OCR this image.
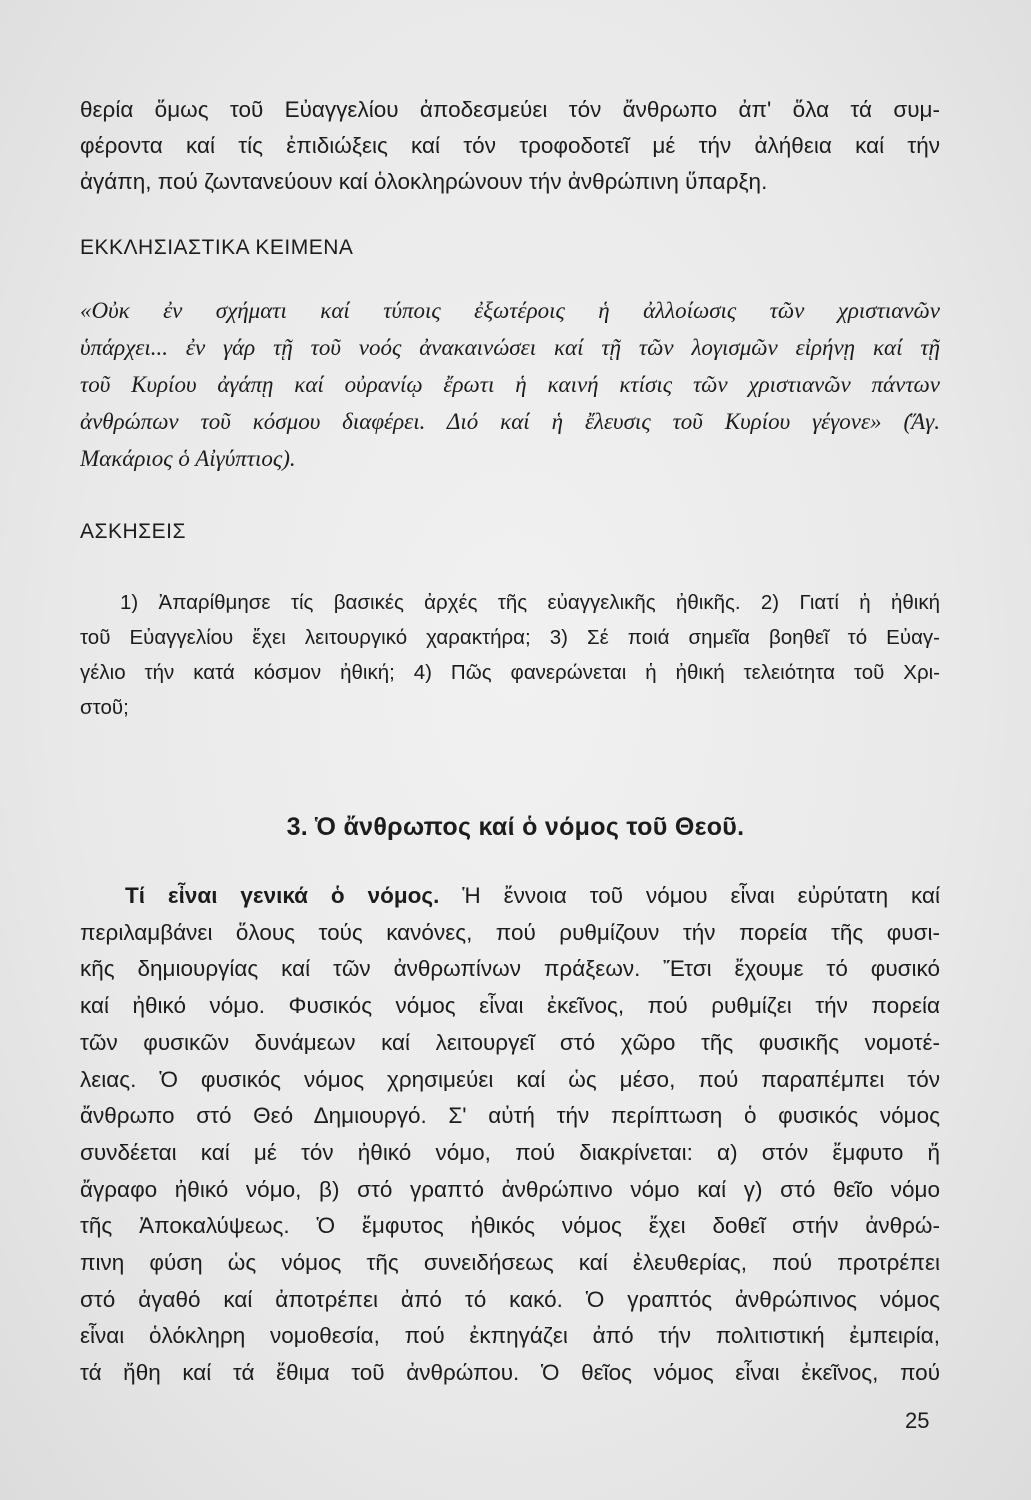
θερία ὅμως τοῦ Εὐαγγελίου ἀποδεσμεύει τόν ἄνθρωπο ἀπ' ὅλα τά συμ-
φέροντα καί τίς ἐπιδιώξεις καί τόν τροφοδοτεῖ μέ τήν ἀλήθεια καί τήν
ἀγάπη, πού ζωντανεύουν καί ὁλοκληρώνουν τήν ἀνθρώπινη ὕπαρξη.
ΕΚΚΛΗΣΙΑΣΤΙΚΑ ΚΕΙΜΕΝΑ
«Οὐκ ἐν σχήματι καί τύποις ἐξωτέροις ἡ ἀλλοίωσις τῶν χριστιανῶν
ὑπάρχει... ἐν γάρ τῇ τοῦ νοός ἀνακαινώσει καί τῇ τῶν λογισμῶν εἰρήνῃ καί τῇ
τοῦ Κυρίου ἀγάπῃ καί οὐρανίῳ ἔρωτι ἡ καινή κτίσις τῶν χριστιανῶν πάντων
ἀνθρώπων τοῦ κόσμου διαφέρει. Διό καί ἡ ἔλευσις τοῦ Κυρίου γέγονε» (Ἅγ.
Μακάριος ὁ Αἰγύπτιος).
ΑΣΚΗΣΕΙΣ
1) Ἀπαρίθμησε τίς βασικές ἀρχές τῆς εὐαγγελικῆς ἠθικῆς. 2) Γιατί ἡ ἠθική
τοῦ Εὐαγγελίου ἔχει λειτουργικό χαρακτήρα; 3) Σέ ποιά σημεῖα βοηθεῖ τό Εὐαγ-
γέλιο τήν κατά κόσμον ἠθική; 4) Πῶς φανερώνεται ἡ ἠθική τελειότητα τοῦ Χρι-
στοῦ;
3. Ὁ ἄνθρωπος καί ὁ νόμος τοῦ Θεοῦ.
Τί εἶναι γενικά ὁ νόμος. Ἡ ἔννοια τοῦ νόμου εἶναι εὐρύτατη καί
περιλαμβάνει ὅλους τούς κανόνες, πού ρυθμίζουν τήν πορεία τῆς φυσι-
κῆς δημιουργίας καί τῶν ἀνθρωπίνων πράξεων. Ἔτσι ἔχουμε τό φυσικό
καί ἠθικό νόμο. Φυσικός νόμος εἶναι ἐκεῖνος, πού ρυθμίζει τήν πορεία
τῶν φυσικῶν δυνάμεων καί λειτουργεῖ στό χῶρο τῆς φυσικῆς νομοτέ-
λειας. Ὁ φυσικός νόμος χρησιμεύει καί ὡς μέσο, πού παραπέμπει τόν
ἄνθρωπο στό Θεό Δημιουργό. Σ' αὐτή τήν περίπτωση ὁ φυσικός νόμος
συνδέεται καί μέ τόν ἠθικό νόμο, πού διακρίνεται: α) στόν ἔμφυτο ἤ
ἄγραφο ἠθικό νόμο, β) στό γραπτό ἀνθρώπινο νόμο καί γ) στό θεῖο νόμο
τῆς Ἀποκαλύψεως. Ὁ ἔμφυτος ἠθικός νόμος ἔχει δοθεῖ στήν ἀνθρώ-
πινη φύση ὡς νόμος τῆς συνειδήσεως καί ἐλευθερίας, πού προτρέπει
στό ἀγαθό καί ἀποτρέπει ἀπό τό κακό. Ὁ γραπτός ἀνθρώπινος νόμος
εἶναι ὁλόκληρη νομοθεσία, πού ἐκπηγάζει ἀπό τήν πολιτιστική ἐμπειρία,
τά ἤθη καί τά ἔθιμα τοῦ ἀνθρώπου. Ὁ θεῖος νόμος εἶναι ἐκεῖνος, πού
25
